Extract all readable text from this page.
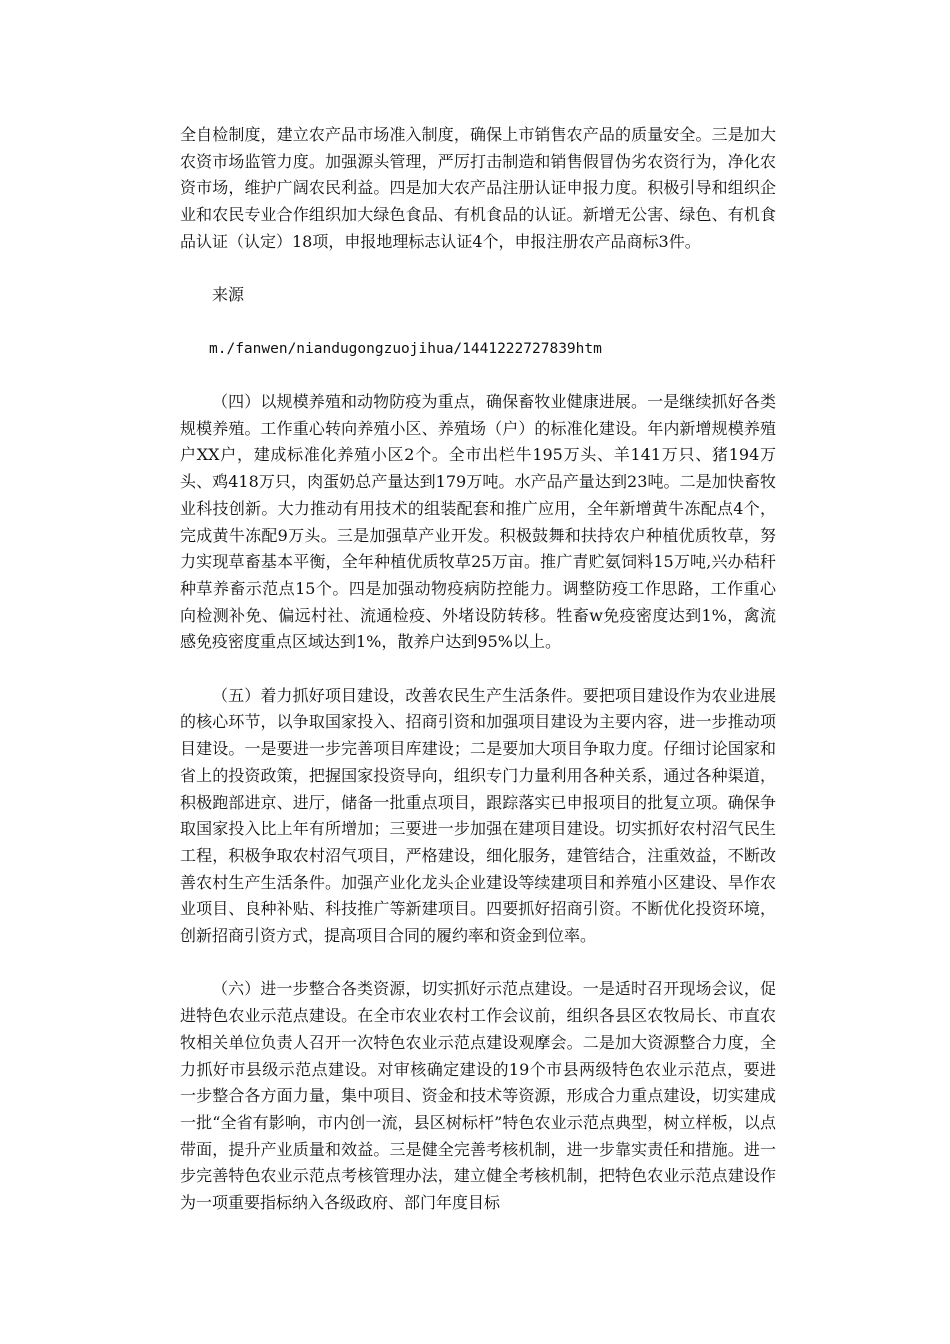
全自检制度，建立农产品市场准入制度，确保上市销售农产品的质量安全。三是加大农资市场监管力度。加强源头管理，严厉打击制造和销售假冒伪劣农资行为，净化农资市场，维护广阔农民利益。四是加大农产品注册认证申报力度。积极引导和组织企业和农民专业合作组织加大绿色食品、有机食品的认证。新增无公害、绿色、有机食品认证（认定）18项，申报地理标志认证4个，申报注册农产品商标3件。

来源

m./fanwen/niandugongzuojihua/1441222727839htm

（四）以规模养殖和动物防疫为重点，确保畜牧业健康进展。一是继续抓好各类规模养殖。工作重心转向养殖小区、养殖场（户）的标准化建设。年内新增规模养殖户XX户，建成标准化养殖小区2个。全市出栏牛195万头、羊141万只、猪194万头、鸡418万只，肉蛋奶总产量达到179万吨。水产品产量达到23吨。二是加快畜牧业科技创新。大力推动有用技术的组装配套和推广应用，全年新增黄牛冻配点4个，完成黄牛冻配9万头。三是加强草产业开发。积极鼓舞和扶持农户种植优质牧草，努力实现草畜基本平衡，全年种植优质牧草25万亩。推广青贮氨饲料15万吨,兴办秸秆种草养畜示范点15个。四是加强动物疫病防控能力。调整防疫工作思路，工作重心向检测补免、偏远村社、流通检疫、外堵设防转移。牲畜w免疫密度达到1%，禽流感免疫密度重点区域达到1%，散养户达到95%以上。

（五）着力抓好项目建设，改善农民生产生活条件。要把项目建设作为农业进展的核心环节，以争取国家投入、招商引资和加强项目建设为主要内容，进一步推动项目建设。一是要进一步完善项目库建设；二是要加大项目争取力度。仔细讨论国家和省上的投资政策，把握国家投资导向，组织专门力量利用各种关系，通过各种渠道，积极跑部进京、进厅，储备一批重点项目，跟踪落实已申报项目的批复立项。确保争取国家投入比上年有所增加；三要进一步加强在建项目建设。切实抓好农村沼气民生工程，积极争取农村沼气项目，严格建设，细化服务，建管结合，注重效益，不断改善农村生产生活条件。加强产业化龙头企业建设等续建项目和养殖小区建设、旱作农业项目、良种补贴、科技推广等新建项目。四要抓好招商引资。不断优化投资环境，创新招商引资方式，提高项目合同的履约率和资金到位率。

（六）进一步整合各类资源，切实抓好示范点建设。一是适时召开现场会议，促进特色农业示范点建设。在全市农业农村工作会议前，组织各县区农牧局长、市直农牧相关单位负责人召开一次特色农业示范点建设观摩会。二是加大资源整合力度，全力抓好市县级示范点建设。对审核确定建设的19个市县两级特色农业示范点，要进一步整合各方面力量，集中项目、资金和技术等资源，形成合力重点建设，切实建成一批“全省有影响，市内创一流，县区树标杆”特色农业示范点典型，树立样板，以点带面，提升产业质量和效益。三是健全完善考核机制，进一步靠实责任和措施。进一步完善特色农业示范点考核管理办法，建立健全考核机制，把特色农业示范点建设作为一项重要指标纳入各级政府、部门年度目标
